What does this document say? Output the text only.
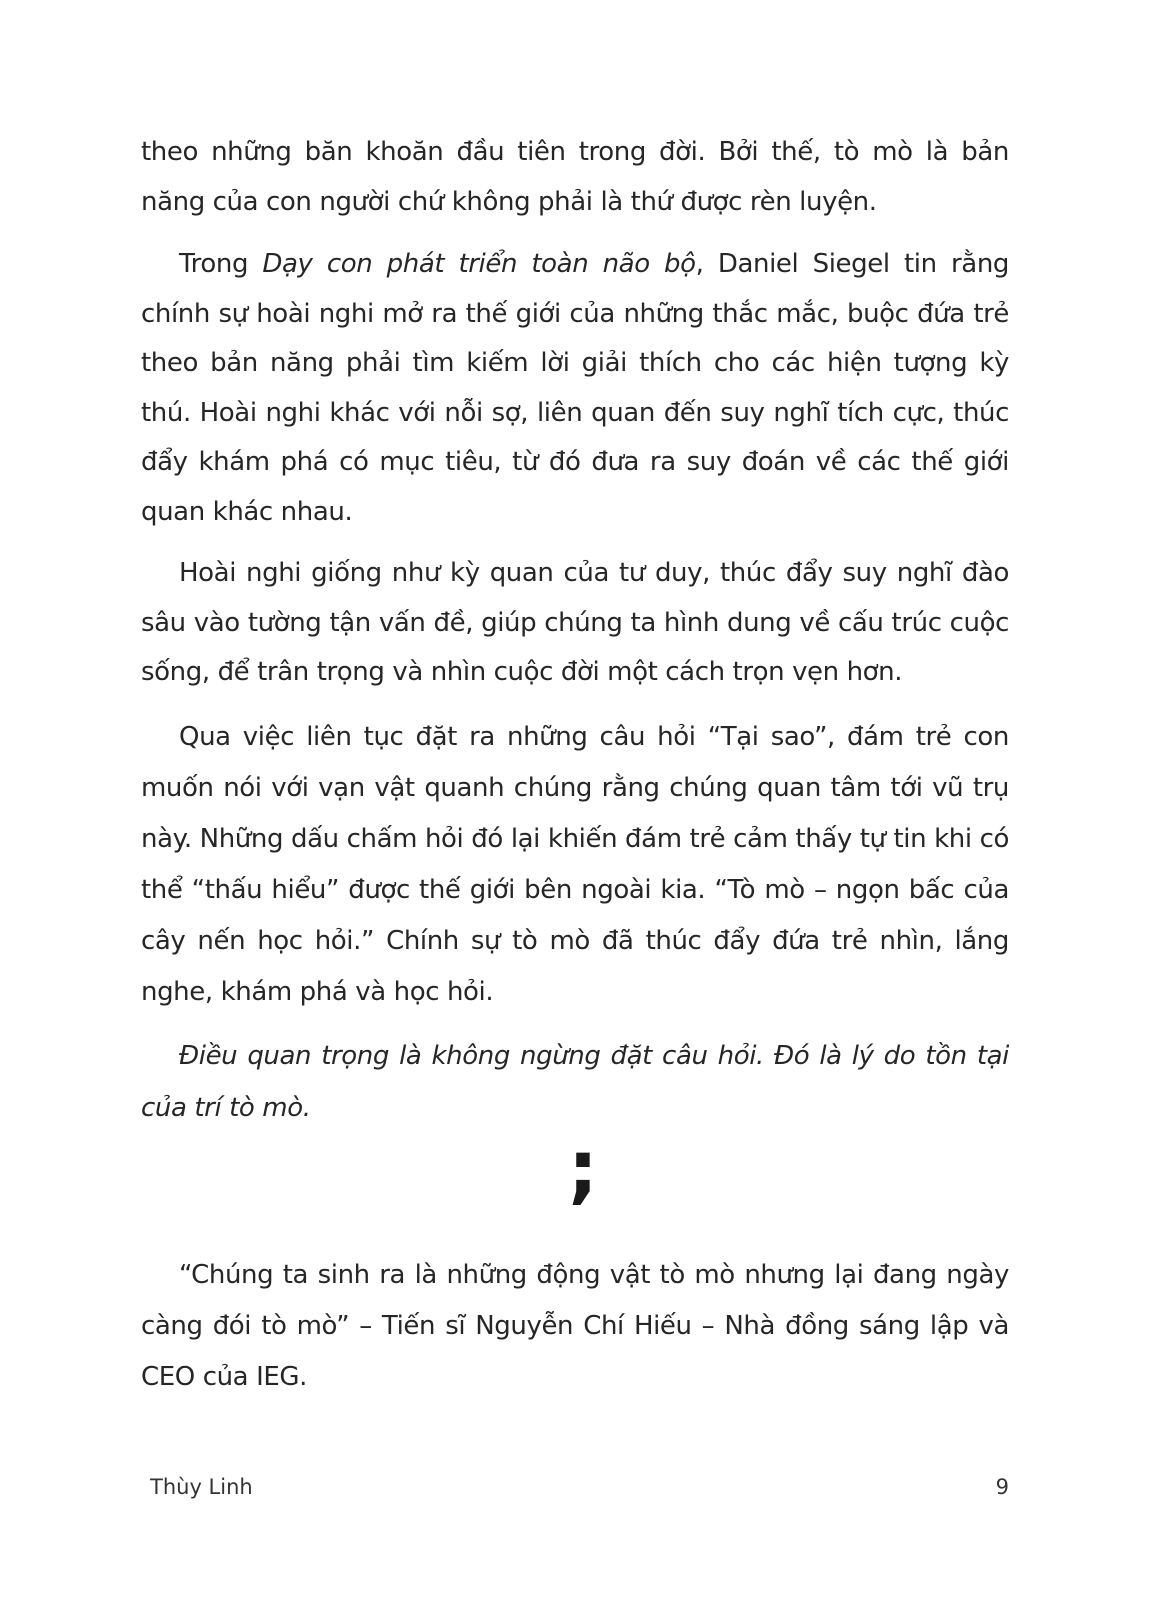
theo những băn khoăn đầu tiên trong đời. Bởi thế, tò mò là bản năng của con người chứ không phải là thứ được rèn luyện.

Trong Dạy con phát triển toàn não bộ, Daniel Siegel tin rằng chính sự hoài nghi mở ra thế giới của những thắc mắc, buộc đứa trẻ theo bản năng phải tìm kiếm lời giải thích cho các hiện tượng kỳ thú. Hoài nghi khác với nỗi sợ, liên quan đến suy nghĩ tích cực, thúc đẩy khám phá có mục tiêu, từ đó đưa ra suy đoán về các thế giới quan khác nhau.

Hoài nghi giống như kỳ quan của tư duy, thúc đẩy suy nghĩ đào sâu vào tường tận vấn đề, giúp chúng ta hình dung về cấu trúc cuộc sống, để trân trọng và nhìn cuộc đời một cách trọn vẹn hơn.

Qua việc liên tục đặt ra những câu hỏi “Tại sao”, đám trẻ con muốn nói với vạn vật quanh chúng rằng chúng quan tâm tới vũ trụ này. Những dấu chấm hỏi đó lại khiến đám trẻ cảm thấy tự tin khi có thể “thấu hiểu” được thế giới bên ngoài kia. “Tò mò – ngọn bấc của cây nến học hỏi.” Chính sự tò mò đã thúc đẩy đứa trẻ nhìn, lắng nghe, khám phá và học hỏi.

Điều quan trọng là không ngừng đặt câu hỏi. Đó là lý do tồn tại của trí tò mò.

;

“Chúng ta sinh ra là những động vật tò mò nhưng lại đang ngày càng đói tò mò” – Tiến sĩ Nguyễn Chí Hiếu – Nhà đồng sáng lập và CEO của IEG.

Thùy Linh	9
